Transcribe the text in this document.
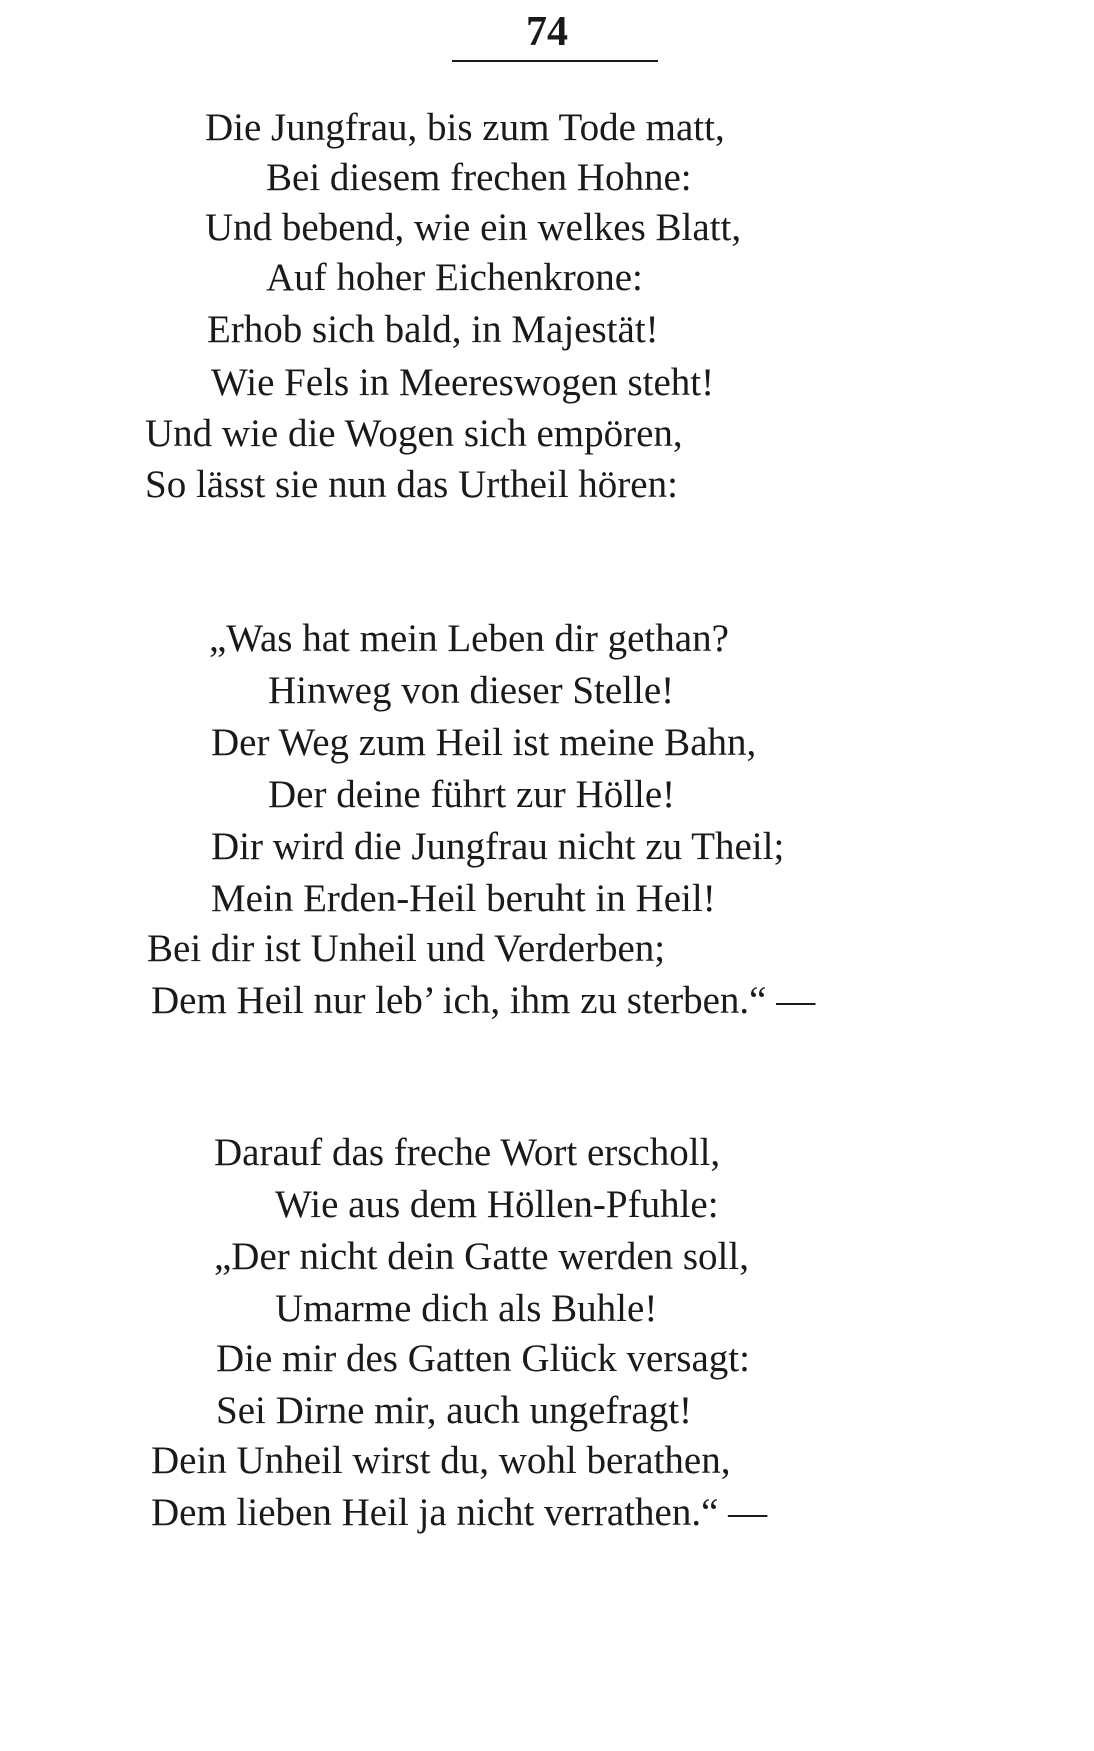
74
Die Jungfrau, bis zum Tode matt,
Bei diesem frechen Hohne:
Und bebend, wie ein welkes Blatt,
Auf hoher Eichenkrone:
Erhob sich bald, in Majestät!
Wie Fels in Meereswogen steht!
Und wie die Wogen sich empören,
So lässt sie nun das Urtheil hören:
„Was hat mein Leben dir gethan?
Hinweg von dieser Stelle!
Der Weg zum Heil ist meine Bahn,
Der deine führt zur Hölle!
Dir wird die Jungfrau nicht zu Theil;
Mein Erden-Heil beruht in Heil!
Bei dir ist Unheil und Verderben;
Dem Heil nur leb’ ich, ihm zu sterben.“ —
Darauf das freche Wort erscholl,
Wie aus dem Höllen-Pfuhle:
„Der nicht dein Gatte werden soll,
Umarme dich als Buhle!
Die mir des Gatten Glück versagt:
Sei Dirne mir, auch ungefragt!
Dein Unheil wirst du, wohl berathen,
Dem lieben Heil ja nicht verrathen.“ —
